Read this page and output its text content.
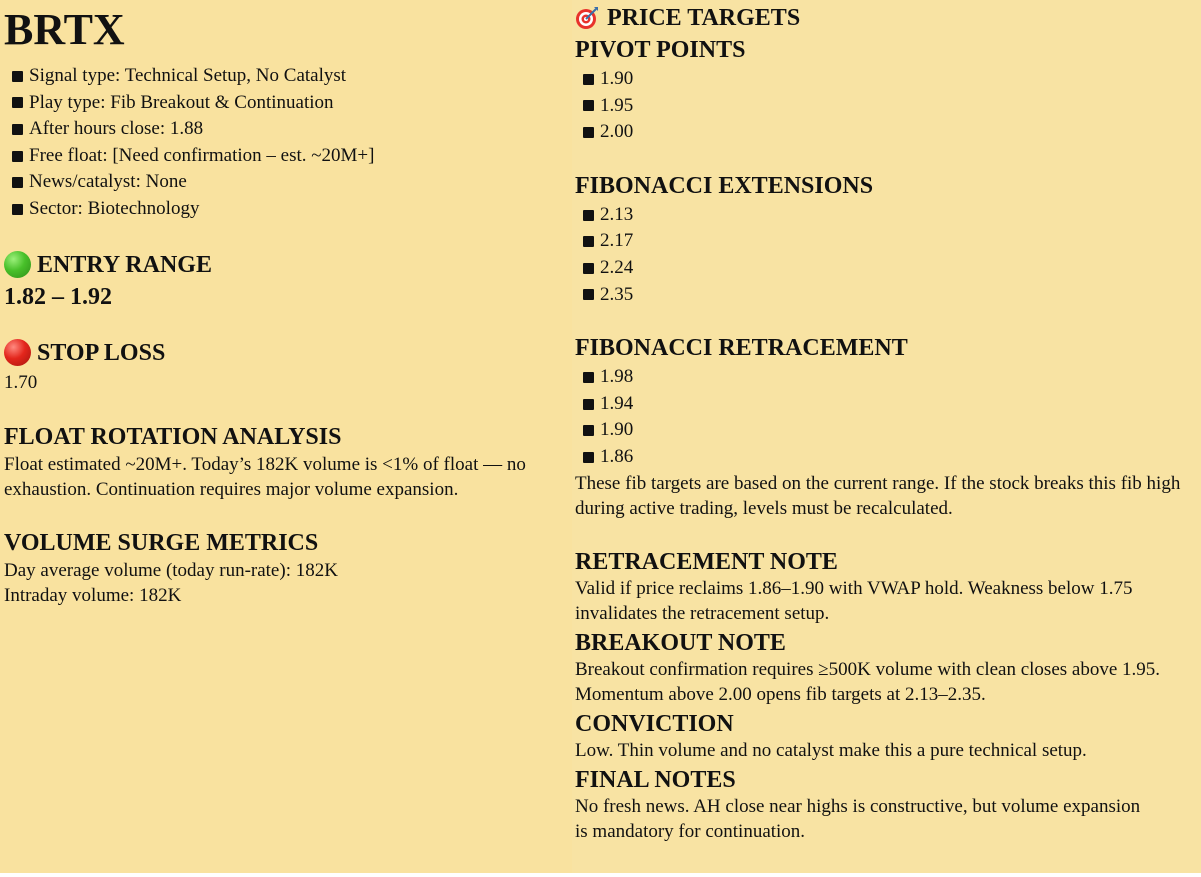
BRTX
Signal type: Technical Setup, No Catalyst
Play type: Fib Breakout & Continuation
After hours close: 1.88
Free float: [Need confirmation – est. ~20M+]
News/catalyst: None
Sector: Biotechnology
ENTRY RANGE
1.82 – 1.92
STOP LOSS
1.70
FLOAT ROTATION ANALYSIS
Float estimated ~20M+. Today’s 182K volume is <1% of float — no exhaustion. Continuation requires major volume expansion.
VOLUME SURGE METRICS
Day average volume (today run-rate): 182K
Intraday volume: 182K
PRICE TARGETS
PIVOT POINTS
1.90
1.95
2.00
FIBONACCI EXTENSIONS
2.13
2.17
2.24
2.35
FIBONACCI RETRACEMENT
1.98
1.94
1.90
1.86
These fib targets are based on the current range. If the stock breaks this fib high during active trading, levels must be recalculated.
RETRACEMENT NOTE
Valid if price reclaims 1.86–1.90 with VWAP hold. Weakness below 1.75 invalidates the retracement setup.
BREAKOUT NOTE
Breakout confirmation requires ≥500K volume with clean closes above 1.95. Momentum above 2.00 opens fib targets at 2.13–2.35.
CONVICTION
Low. Thin volume and no catalyst make this a pure technical setup.
FINAL NOTES
No fresh news. AH close near highs is constructive, but volume expansion is mandatory for continuation.
